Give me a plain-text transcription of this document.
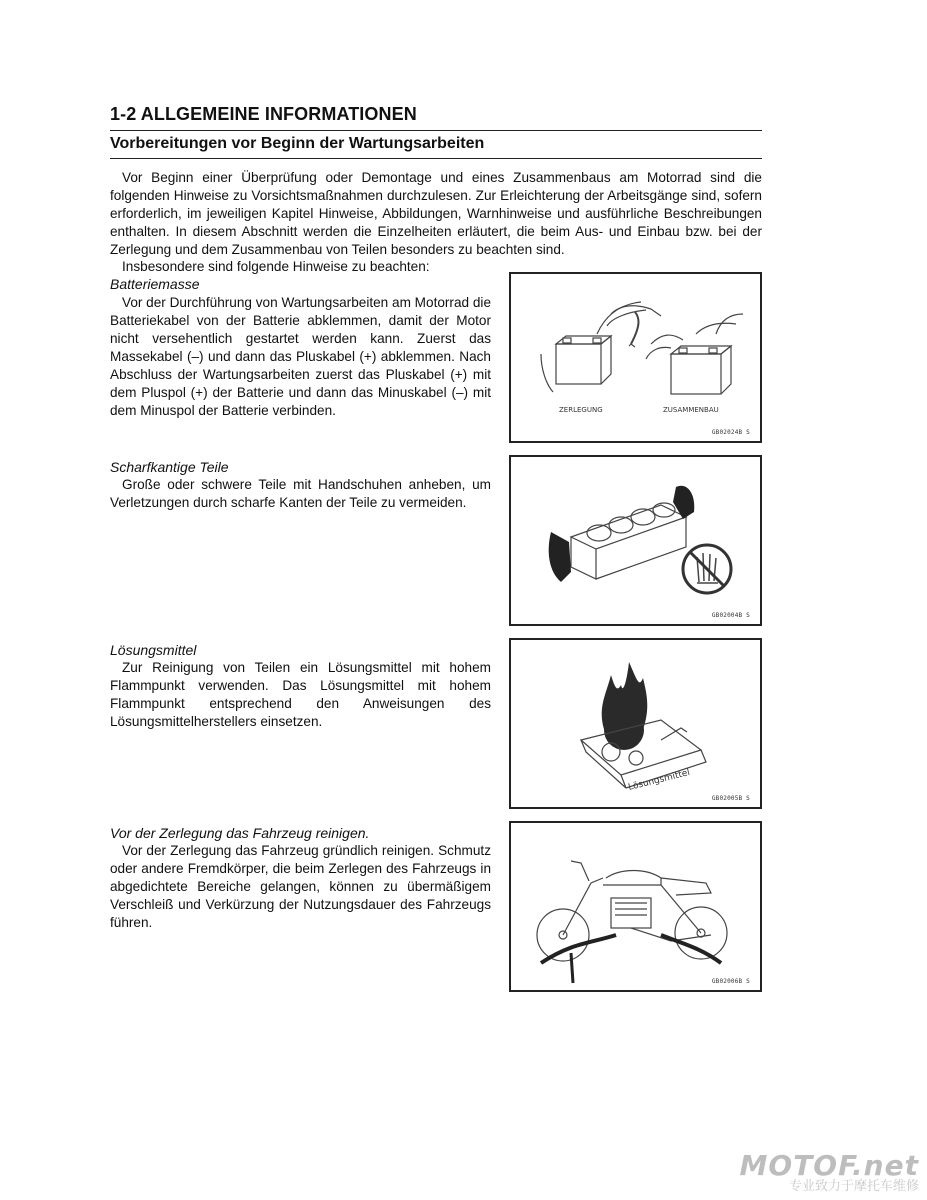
1-2 ALLGEMEINE INFORMATIONEN
Vorbereitungen vor Beginn der Wartungsarbeiten
Vor Beginn einer Überprüfung oder Demontage und eines Zusammenbaus am Motorrad sind die folgenden Hinweise zu Vorsichtsmaßnahmen durchzulesen. Zur Erleichterung der Arbeitsgänge sind, sofern erforderlich, im jeweiligen Kapitel Hinweise, Abbildungen, Warnhinweise und ausführliche Beschreibungen enthalten. In diesem Abschnitt werden die Einzelheiten erläutert, die beim Aus- und Einbau bzw. bei der Zerlegung und dem Zusammenbau von Teilen besonders zu beachten sind.
Insbesondere sind folgende Hinweise zu beachten:
Batteriemasse
Vor der Durchführung von Wartungsarbeiten am Motorrad die Batteriekabel von der Batterie abklemmen, damit der Motor nicht versehentlich gestartet werden kann. Zuerst das Massekabel (–) und dann das Pluskabel (+) abklemmen. Nach Abschluss der Wartungsarbeiten zuerst das Pluskabel (+) mit dem Pluspol (+) der Batterie und dann das Minuskabel (–) mit dem Minuspol der Batterie verbinden.	ZERLEGUNG	ZUSAMMENBAU
GB02024B S
Scharfkantige Teile
Große oder schwere Teile mit Handschuhen anheben, um Verletzungen durch scharfe Kanten der Teile zu vermeiden.
GB02004B S
Lösungsmittel
Zur Reinigung von Teilen ein Lösungsmittel mit hohem Flammpunkt verwenden. Das Lösungsmittel mit hohem Flammpunkt entsprechend den Anweisungen des Lösungsmittelherstellers einsetzen.
Lösungsmittel
GB02005B S
Vor der Zerlegung das Fahrzeug reinigen.
Vor der Zerlegung das Fahrzeug gründlich reinigen. Schmutz oder andere Fremdkörper, die beim Zerlegen des Fahrzeugs in abgedichtete Bereiche gelangen, können zu übermäßigem Verschleiß und Verkürzung der Nutzungsdauer des Fahrzeugs führen.
GB02006B S
MOTOF.net
专业致力于摩托车维修
